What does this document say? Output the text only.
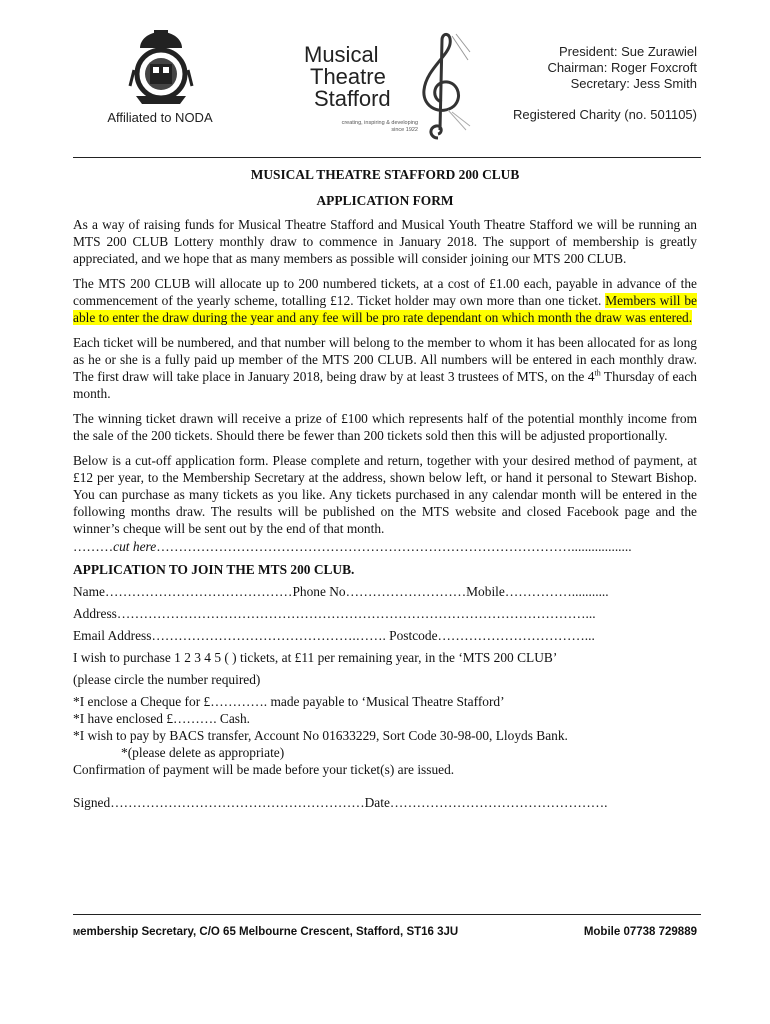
Affiliated to NODA
Musical
Theatre
Stafford
creating, inspiring & developing
since 1922
President: Sue Zurawiel
Chairman: Roger Foxcroft
Secretary: Jess Smith
Registered Charity (no. 501105)
MUSICAL THEATRE STAFFORD 200 CLUB
APPLICATION FORM

As a way of raising funds for Musical Theatre Stafford and Musical Youth Theatre Stafford we will be running an MTS 200 CLUB Lottery monthly draw to commence in January 2018. The support of membership is greatly appreciated, and we hope that as many members as possible will consider joining our MTS 200 CLUB.

The MTS 200 CLUB will allocate up to 200 numbered tickets, at a cost of £1.00 each, payable in advance of the commencement of the yearly scheme, totalling £12. Ticket holder may own more than one ticket. Members will be able to enter the draw during the year and any fee will be pro rate dependant on which month the draw was entered.

Each ticket will be numbered, and that number will belong to the member to whom it has been allocated for as long as he or she is a fully paid up member of the MTS 200 CLUB. All numbers will be entered in each monthly draw. The first draw will take place in January 2018, being draw by at least 3 trustees of MTS, on the 4th Thursday of each month.

The winning ticket drawn will receive a prize of £100 which represents half of the potential monthly income from the sale of the 200 tickets. Should there be fewer than 200 tickets sold then this will be adjusted proportionally.

Below is a cut-off application form. Please complete and return, together with your desired method of payment, at £12 per year, to the Membership Secretary at the address, shown below left, or hand it personal to Stewart Bishop. You can purchase as many tickets as you like. Any tickets purchased in any calendar month will be entered in the following months draw. The results will be published on the MTS website and closed Facebook page and the winner’s cheque will be sent out by the end of that month.

………cut here…………………………………………………………………………………..................
APPLICATION TO JOIN THE MTS 200 CLUB.
Name……………………………………Phone No………………………Mobile……………...........
Address……………………………………………………………………………………………...
Email Address……………………………………….……. Postcode……………………………...
I wish to purchase 1 2 3 4 5 ( ) tickets, at £11 per remaining year, in the ‘MTS 200 CLUB’
(please circle the number required)
*I enclose a Cheque for £…………. made payable to ‘Musical Theatre Stafford’
*I have enclosed £………. Cash.
*I wish to pay by BACS transfer, Account No 01633229, Sort Code 30-98-00, Lloyds Bank.
*(please delete as appropriate)
Confirmation of payment will be made before your ticket(s) are issued.
Signed…………………………………………………Date………………………………………….
Membership Secretary, C/O 65 Melbourne Crescent, Stafford, ST16 3JU	Mobile 07738 729889
